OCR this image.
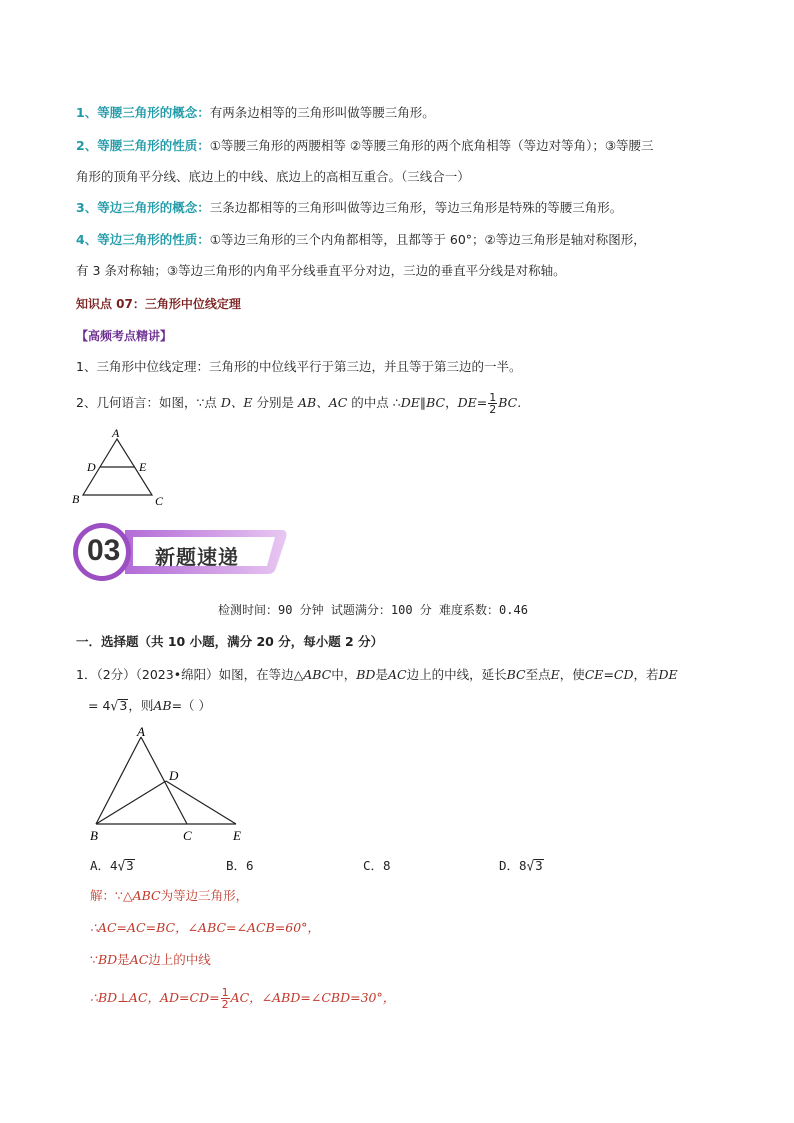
1、等腰三角形的概念：有两条边相等的三角形叫做等腰三角形。
2、等腰三角形的性质：①等腰三角形的两腰相等 ②等腰三角形的两个底角相等（等边对等角）；③等腰三
角形的顶角平分线、底边上的中线、底边上的高相互重合。（三线合一）
3、等边三角形的概念：三条边都相等的三角形叫做等边三角形，等边三角形是特殊的等腰三角形。
4、等边三角形的性质：①等边三角形的三个内角都相等，且都等于 60°；②等边三角形是轴对称图形，
有 3 条对称轴；③等边三角形的内角平分线垂直平分对边，三边的垂直平分线是对称轴。
知识点 07：三角形中位线定理
【高频考点精讲】
1、三角形中位线定理：三角形的中位线平行于第三边，并且等于第三边的一半。
2、几何语言：如图，∵点 D、E 分别是 AB、AC 的中点 ∴DE∥BC，$DE= \frac{1}{2}$ BC.
A
D	E
B	C
03 新题速递
检测时间：90 分钟 试题满分：100 分 难度系数：0.46
一．选择题（共 10 小题，满分 20 分，每小题 2 分）
1．（2分）（2023•绵阳）如图，在等边△ABC中，BD是AC边上的中线，延长BC至点E，使CE=CD，若DE
= 4√3，则AB=（ ）
A
D
B	C	E
A．4√3	B．6	C．8	D．8√3
解：∵△ABC为等边三角形，
∴AC=AC=BC，∠ABC=∠ACB=60°，
∵BD是AC边上的中线
∴BD⊥AC，$AD=CD= \frac{1}{2}$ AC，∠ABD=∠CBD=30°，
